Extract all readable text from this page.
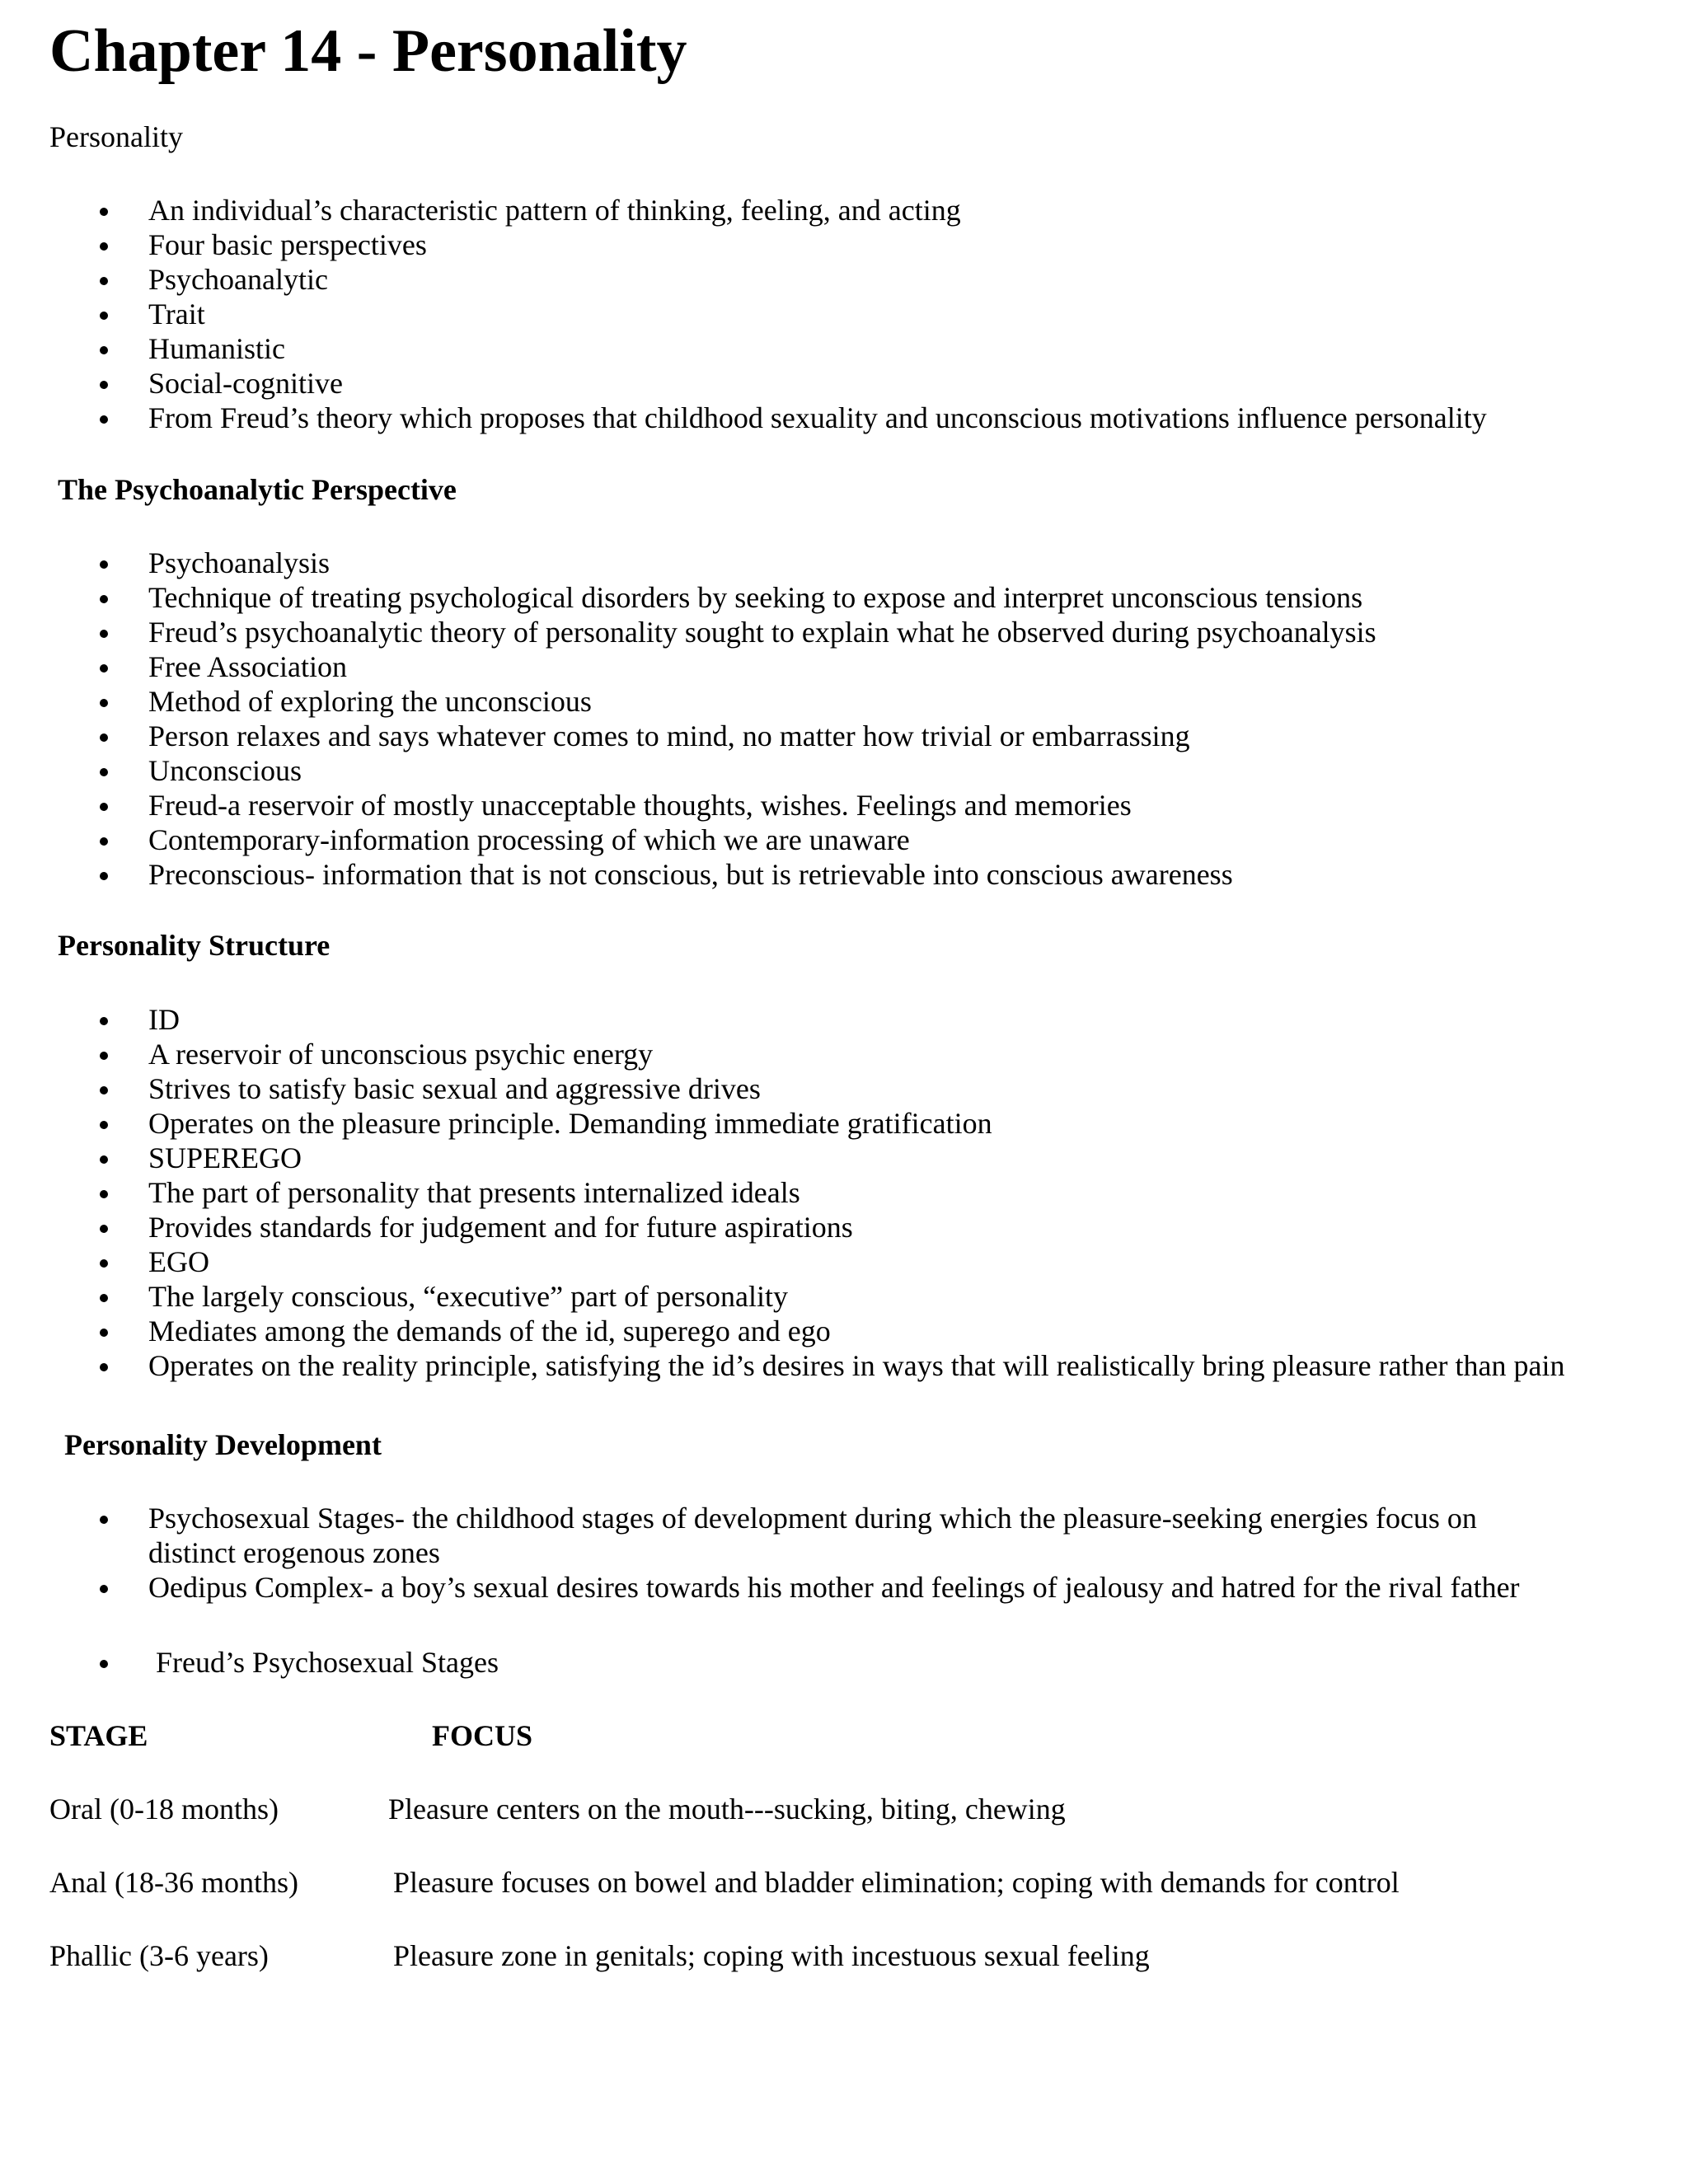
Chapter 14 - Personality

Personality

An individual’s characteristic pattern of thinking, feeling, and acting
Four basic perspectives
Psychoanalytic
Trait
Humanistic
Social-cognitive
From Freud’s theory which proposes that childhood sexuality and unconscious motivations influence personality
The Psychoanalytic Perspective
Psychoanalysis
Technique of treating psychological disorders by seeking to expose and interpret unconscious tensions
Freud’s psychoanalytic theory of personality sought to explain what he observed during psychoanalysis
Free Association
Method of exploring the unconscious
Person relaxes and says whatever comes to mind, no matter how trivial or embarrassing
Unconscious
Freud-a reservoir of mostly unacceptable thoughts, wishes. Feelings and memories
Contemporary-information processing of which we are unaware
Preconscious- information that is not conscious, but is retrievable into conscious awareness
Personality Structure
ID
A reservoir of unconscious psychic energy
Strives to satisfy basic sexual and aggressive drives
Operates on the pleasure principle. Demanding immediate gratification
SUPEREGO
The part of personality that presents internalized ideals
Provides standards for judgement and for future aspirations
EGO
The largely conscious, “executive” part of personality
Mediates among the demands of the id, superego and ego
Operates on the reality principle, satisfying the id’s desires in ways that will realistically bring pleasure rather than pain
Personality Development
Psychosexual Stages- the childhood stages of development during which the pleasure-seeking energies focus on distinct erogenous zones
Oedipus Complex- a boy’s sexual desires towards his mother and feelings of jealousy and hatred for the rival father
Freud’s Psychosexual Stages
STAGE	FOCUS
Oral (0-18 months)	Pleasure centers on the mouth---sucking, biting, chewing
Anal (18-36 months)	Pleasure focuses on bowel and bladder elimination; coping with demands for control
Phallic (3-6 years)	Pleasure zone in genitals; coping with incestuous sexual feeling
